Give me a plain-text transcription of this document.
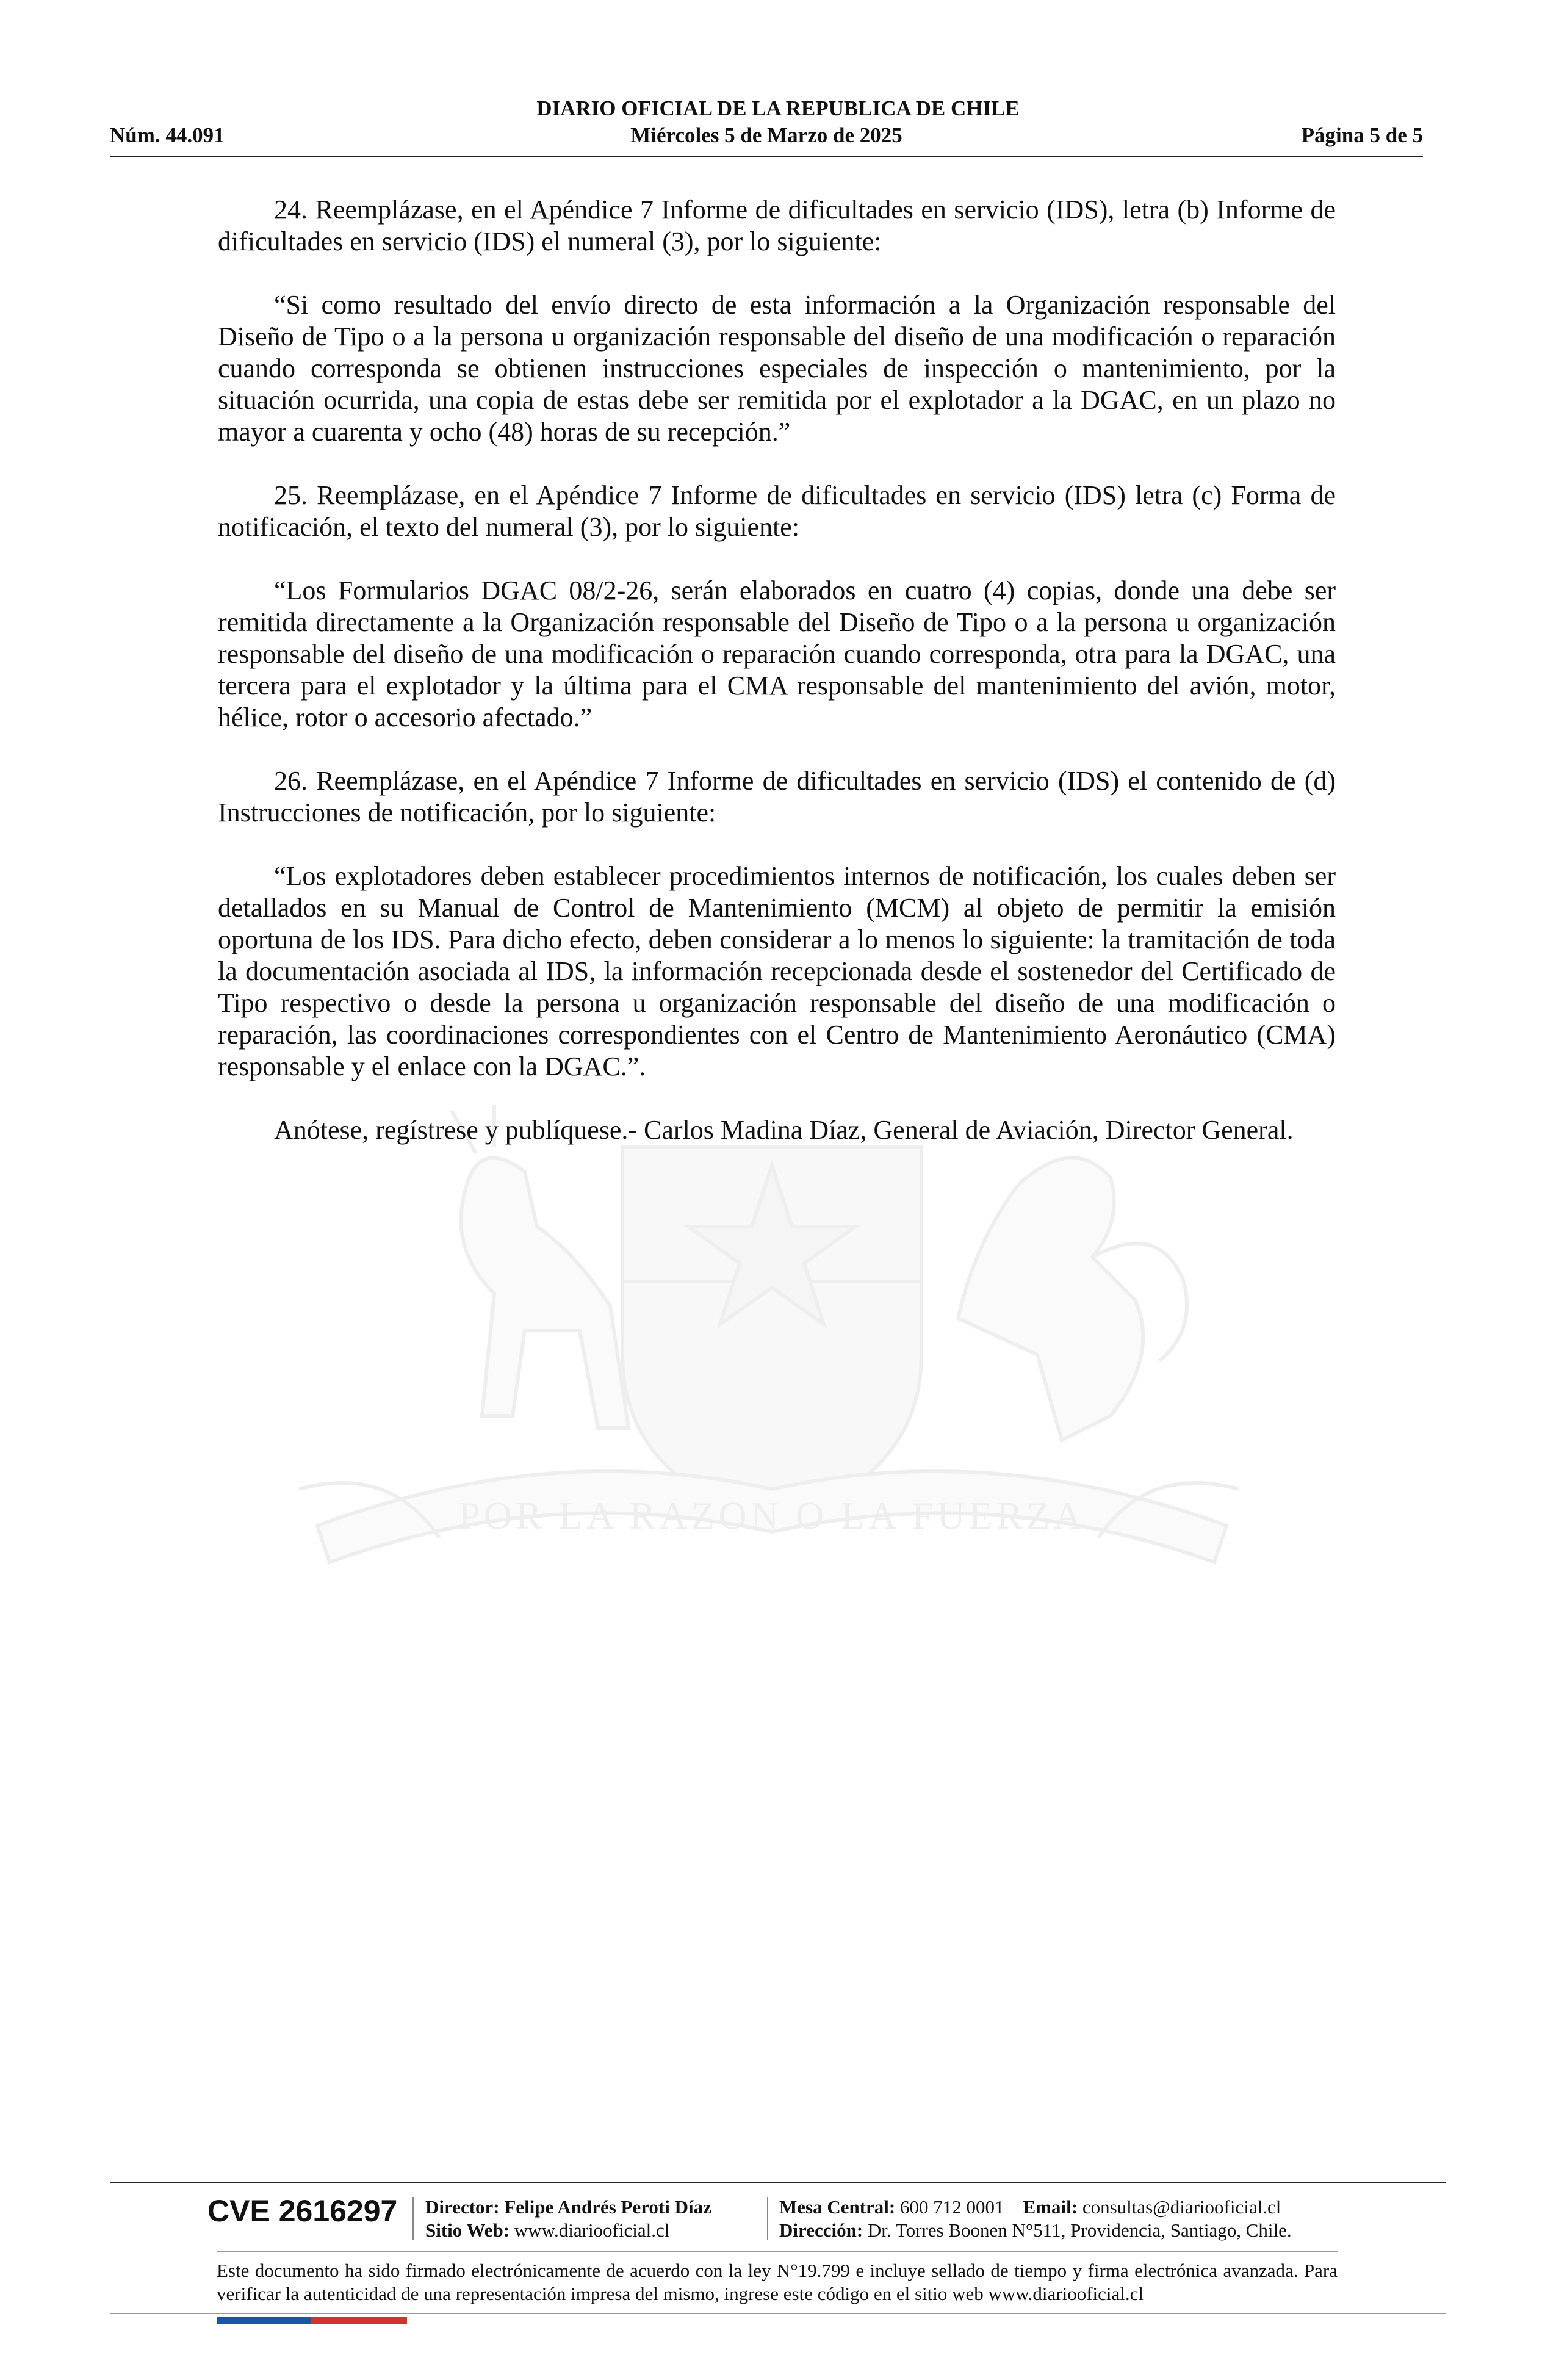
DIARIO OFICIAL DE LA REPUBLICA DE CHILE
Núm. 44.091	Miércoles 5 de Marzo de 2025	Página 5 de 5
POR LA RAZON O LA FUERZA

24. Reemplázase, en el Apéndice 7 Informe de dificultades en servicio (IDS), letra (b) Informe de dificultades en servicio (IDS) el numeral (3), por lo siguiente:

“Si como resultado del envío directo de esta información a la Organización responsable del Diseño de Tipo o a la persona u organización responsable del diseño de una modificación o reparación cuando corresponda se obtienen instrucciones especiales de inspección o mantenimiento, por la situación ocurrida, una copia de estas debe ser remitida por el explotador a la DGAC, en un plazo no mayor a cuarenta y ocho (48) horas de su recepción.”

25. Reemplázase, en el Apéndice 7 Informe de dificultades en servicio (IDS) letra (c) Forma de notificación, el texto del numeral (3), por lo siguiente:

“Los Formularios DGAC 08/2-26, serán elaborados en cuatro (4) copias, donde una debe ser remitida directamente a la Organización responsable del Diseño de Tipo o a la persona u organización responsable del diseño de una modificación o reparación cuando corresponda, otra para la DGAC, una tercera para el explotador y la última para el CMA responsable del mantenimiento del avión, motor, hélice, rotor o accesorio afectado.”

26. Reemplázase, en el Apéndice 7 Informe de dificultades en servicio (IDS) el contenido de (d) Instrucciones de notificación, por lo siguiente:

“Los explotadores deben establecer procedimientos internos de notificación, los cuales deben ser detallados en su Manual de Control de Mantenimiento (MCM) al objeto de permitir la emisión oportuna de los IDS. Para dicho efecto, deben considerar a lo menos lo siguiente: la tramitación de toda la documentación asociada al IDS, la información recepcionada desde el sostenedor del Certificado de Tipo respectivo o desde la persona u organización responsable del diseño de una modificación o reparación, las coordinaciones correspondientes con el Centro de Mantenimiento Aeronáutico (CMA) responsable y el enlace con la DGAC.”.

Anótese, regístrese y publíquese.- Carlos Madina Díaz, General de Aviación, Director General.

CVE 2616297 Director: Felipe Andrés Peroti Díaz
Sitio Web: www.diariooficial.cl
Mesa Central: 600 712 0001 Email: consultas@diariooficial.cl
Dirección: Dr. Torres Boonen N°511, Providencia, Santiago, Chile.
Este documento ha sido firmado electrónicamente de acuerdo con la ley N°19.799 e incluye sellado de tiempo y firma electrónica avanzada. Para verificar la autenticidad de una representación impresa del mismo, ingrese este código en el sitio web www.diariooficial.cl
